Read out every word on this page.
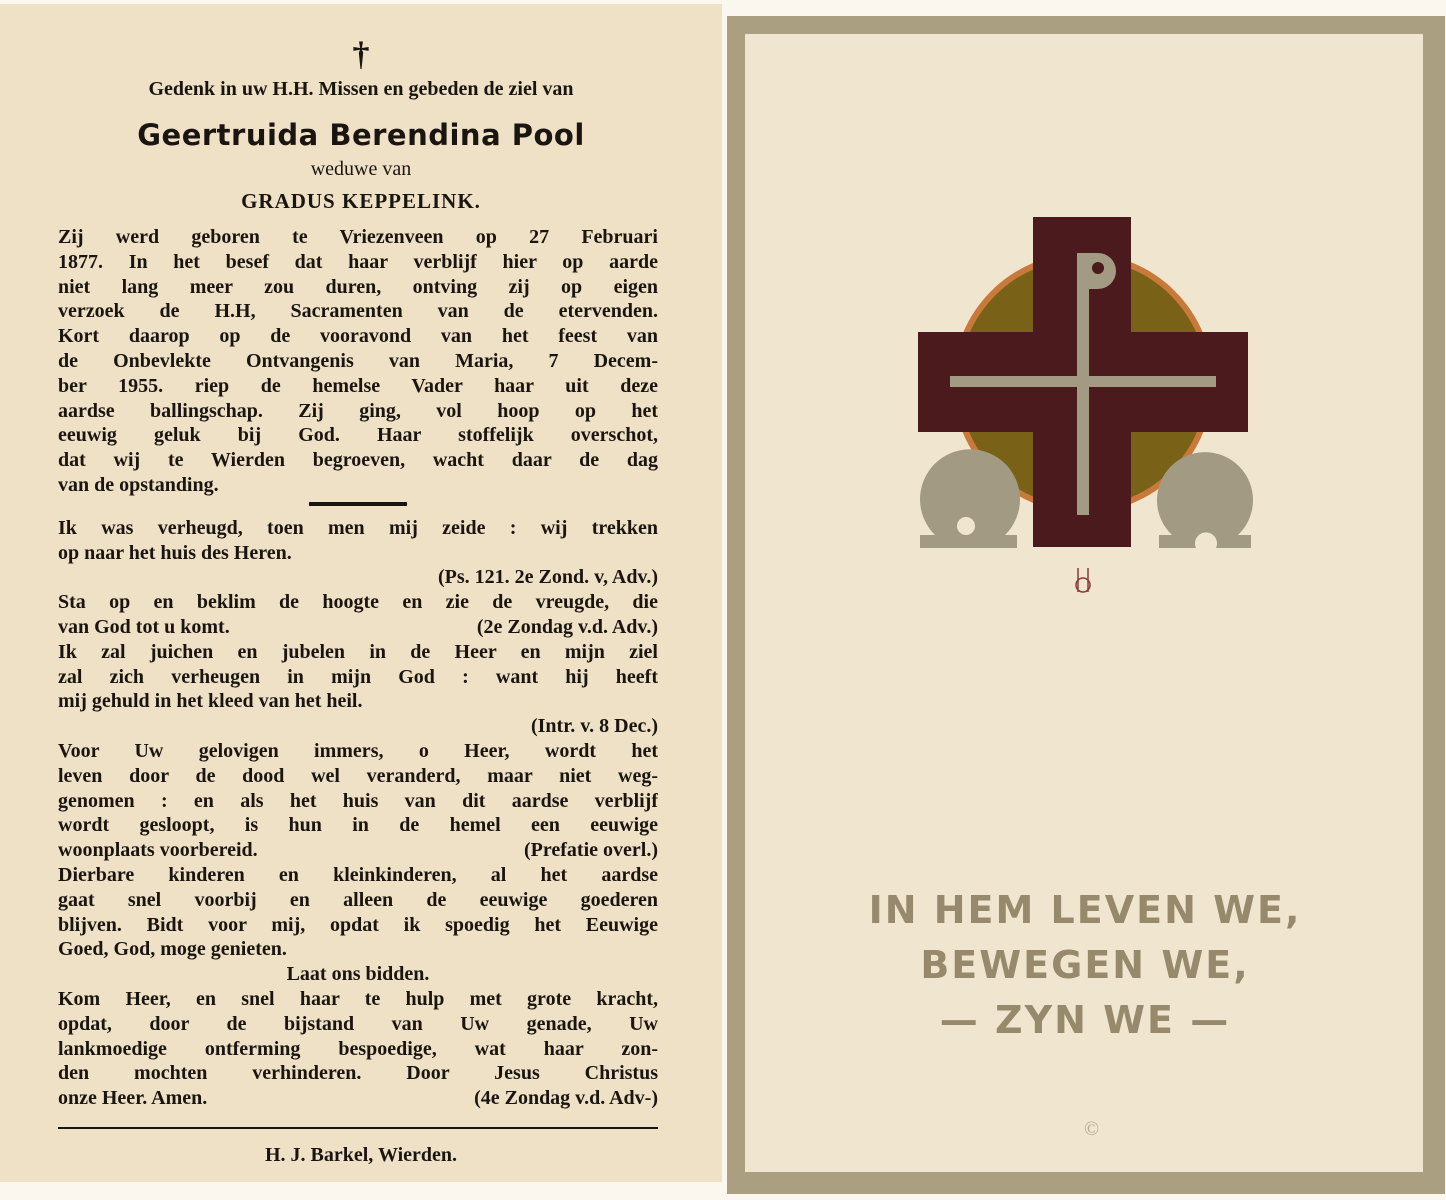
†
Gedenk in uw H.H. Missen en gebeden de ziel van
Geertruida Berendina Pool
weduwe van
GRADUS KEPPELINK.
Zij werd geboren te Vriezenveen op 27 Februari
1877. In het besef dat haar verblijf hier op aarde
niet lang meer zou duren, ontving zij op eigen
verzoek de H.H, Sacramenten van de etervenden.
Kort daarop op de vooravond van het feest van
de Onbevlekte Ontvangenis van Maria, 7 Decem-
ber 1955. riep de hemelse Vader haar uit deze
aardse ballingschap. Zij ging, vol hoop op het
eeuwig geluk bij God. Haar stoffelijk overschot,
dat wij te Wierden begroeven, wacht daar de dag
van de opstanding.
Ik was verheugd, toen men mij zeide : wij trekken
op naar het huis des Heren.
(Ps. 121. 2e Zond. v, Adv.)
Sta op en beklim de hoogte en zie de vreugde, die
van God tot u komt.	(2e Zondag v.d. Adv.)
Ik zal juichen en jubelen in de Heer en mijn ziel
zal zich verheugen in mijn God : want hij heeft
mij gehuld in het kleed van het heil.
(Intr. v. 8 Dec.)
Voor Uw gelovigen immers, o Heer, wordt het
leven door de dood wel veranderd, maar niet weg-
genomen : en als het huis van dit aardse verblijf
wordt gesloopt, is hun in de hemel een eeuwige
woonplaats voorbereid.	(Prefatie overl.)
Dierbare kinderen en kleinkinderen, al het aardse
gaat snel voorbij en alleen de eeuwige goederen
blijven. Bidt voor mij, opdat ik spoedig het Eeuwige
Goed, God, moge genieten.
Laat ons bidden.
Kom Heer, en snel haar te hulp met grote kracht,
opdat, door de bijstand van Uw genade, Uw
lankmoedige ontferming bespoedige, wat haar zon-
den mochten verhinderen. Door Jesus Christus
onze Heer. Amen.	(4e Zondag v.d. Adv-)
H. J. Barkel, Wierden.
IN HEM LEVEN WE,
BEWEGEN WE,
— ZYN WE —
©
